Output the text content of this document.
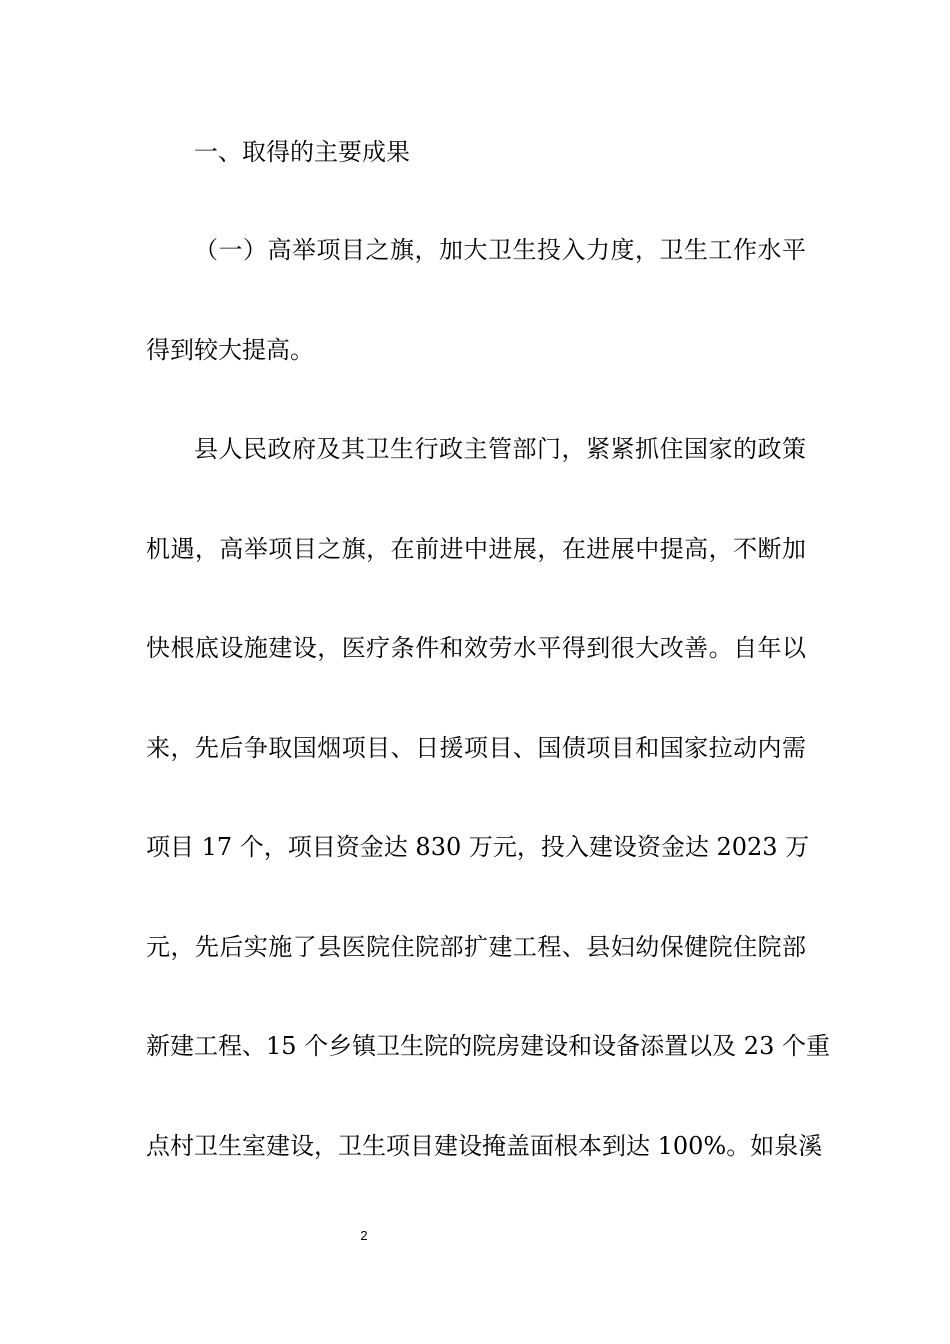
一、取得的主要成果
（一）高举项目之旗，加大卫生投入力度，卫生工作水平
得到较大提高。
县人民政府及其卫生行政主管部门，紧紧抓住国家的政策
机遇，高举项目之旗，在前进中进展，在进展中提高，不断加
快根底设施建设，医疗条件和效劳水平得到很大改善。自年以
来，先后争取国烟项目、日援项目、国债项目和国家拉动内需
项目 17 个，项目资金达 830 万元，投入建设资金达 2023 万
元，先后实施了县医院住院部扩建工程、县妇幼保健院住院部
新建工程、15 个乡镇卫生院的院房建设和设备添置以及 23 个重
点村卫生室建设，卫生项目建设掩盖面根本到达 100%。如泉溪
2
